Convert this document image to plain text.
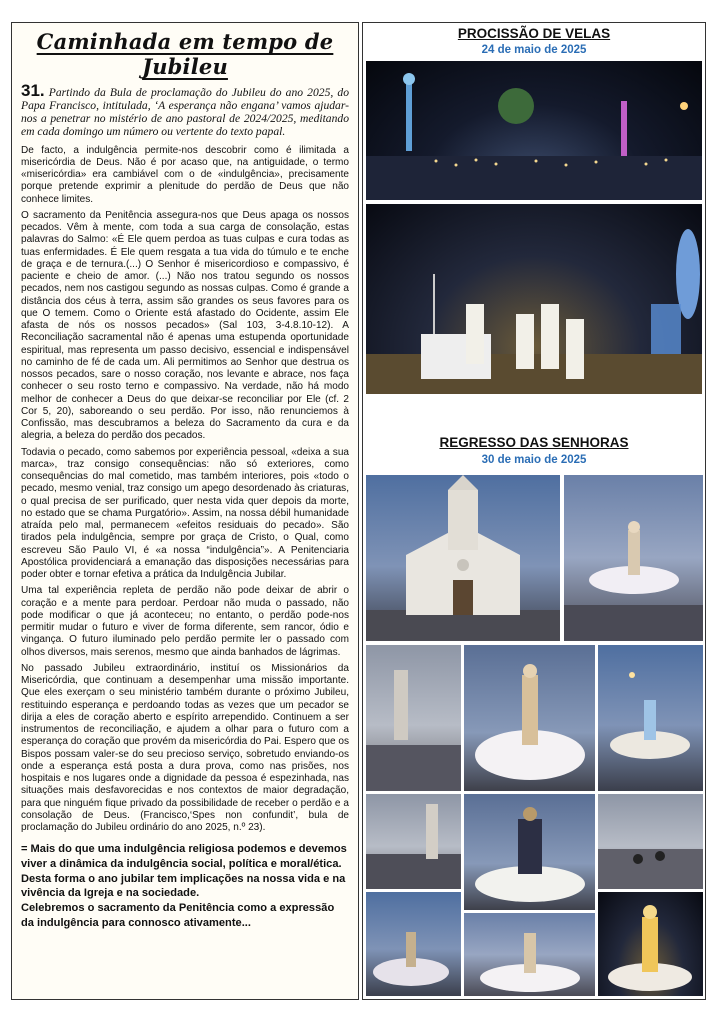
Caminhada em tempo de Jubileu

31. Partindo da Bula de proclamação do Jubileu do ano 2025, do Papa Francisco, intitulada, ‘A esperança não engana’ vamos ajudar-nos a penetrar no mistério de ano pastoral de 2024/2025, meditando em cada domingo um número ou vertente do texto papal.

De facto, a indulgência permite-nos descobrir como é ilimitada a misericórdia de Deus. Não é por acaso que, na antiguidade, o termo «misericórdia» era cambiável com o de «indulgência», precisamente porque pretende exprimir a plenitude do perdão de Deus que não conhece limites.

O sacramento da Penitência assegura-nos que Deus apaga os nossos pecados. Vêm à mente, com toda a sua carga de consolação, estas palavras do Salmo: «É Ele quem perdoa as tuas culpas e cura todas as tuas enfermidades. É Ele quem resgata a tua vida do túmulo e te enche de graça e de ternura.(...) O Senhor é misericordioso e compassivo, é paciente e cheio de amor. (...) Não nos tratou segundo os nossos pecados, nem nos castigou segundo as nossas culpas. Como é grande a distância dos céus à terra, assim são grandes os seus favores para os que O temem. Como o Oriente está afastado do Ocidente, assim Ele afasta de nós os nossos pecados» (Sal 103, 3-4.8.10-12). A Reconciliação sacramental não é apenas uma estupenda oportunidade espiritual, mas representa um passo decisivo, essencial e indispensável no caminho de fé de cada um. Ali permitimos ao Senhor que destrua os nossos pecados, sare o nosso coração, nos levante e abrace, nos faça conhecer o seu rosto terno e compassivo. Na verdade, não há modo melhor de conhecer a Deus do que deixar-se reconciliar por Ele (cf. 2 Cor 5, 20), saboreando o seu perdão. Por isso, não renunciemos à Confissão, mas descubramos a beleza do Sacramento da cura e da alegria, a beleza do perdão dos pecados.

Todavia o pecado, como sabemos por experiência pessoal, «deixa a sua marca», traz consigo consequências: não só exteriores, como consequências do mal cometido, mas também interiores, pois «todo o pecado, mesmo venial, traz consigo um apego desordenado às criaturas, o qual precisa de ser purificado, quer nesta vida quer depois da morte, no estado que se chama Purgatório». Assim, na nossa débil humanidade atraída pelo mal, permanecem «efeitos residuais do pecado». São tirados pela indulgência, sempre por graça de Cristo, o Qual, como escreveu São Paulo VI, é «a nossa “indulgência”». A Penitenciaria Apostólica providenciará a emanação das disposições necessárias para poder obter e tornar efetiva a prática da Indulgência Jubilar.

Uma tal experiência repleta de perdão não pode deixar de abrir o coração e a mente para perdoar. Perdoar não muda o passado, não pode modificar o que já aconteceu; no entanto, o perdão pode-nos permitir mudar o futuro e viver de forma diferente, sem rancor, ódio e vingança. O futuro iluminado pelo perdão permite ler o passado com olhos diversos, mais serenos, mesmo que ainda banhados de lágrimas.

No passado Jubileu extraordinário, instituí os Missionários da Misericórdia, que continuam a desempenhar uma missão importante. Que eles exerçam o seu ministério também durante o próximo Jubileu, restituindo esperança e perdoando todas as vezes que um pecador se dirija a eles de coração aberto e espírito arrependido. Continuem a ser instrumentos de reconciliação, e ajudem a olhar para o futuro com a esperança do coração que provém da misericórdia do Pai. Espero que os Bispos possam valer-se do seu precioso serviço, sobretudo enviando-os onde a esperança está posta a dura prova, como nas prisões, nos hospitais e nos lugares onde a dignidade da pessoa é espezinhada, nas situações mais desfavorecidas e nos contextos de maior degradação, para que ninguém fique privado da possibilidade de receber o perdão e a consolação de Deus. (Francisco,‘Spes non confundit’, bula de proclamação do Jubileu ordinário do ano 2025, n.º 23).

= Mais do que uma indulgência religiosa podemos e devemos viver a dinâmica da indulgência social, política e moral/ética. Desta forma o ano jubilar tem implicações na nossa vida e na vivência da Igreja e na sociedade.
Celebremos o sacramento da Penitência como a expressão da indulgência para connosco ativamente...

PROCISSÃO DE VELAS
24 de maio de 2025
REGRESSO DAS SENHORAS
30 de maio de 2025
